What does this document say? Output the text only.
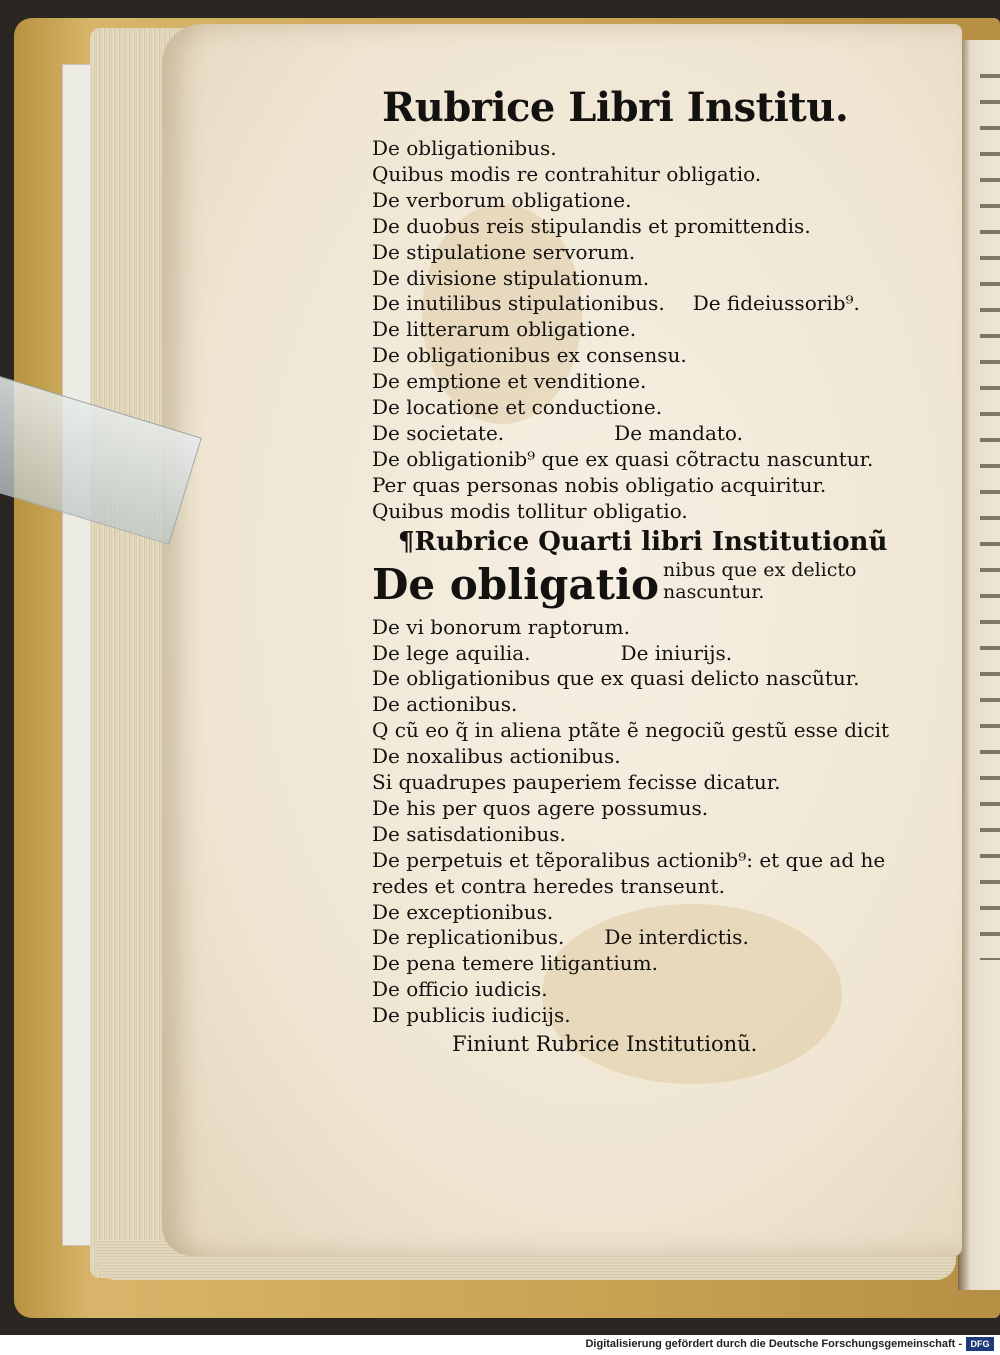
Rubrice Libri Institu.
De obligationibus.
Quibus modis re contrahitur obligatio.
De verborum obligatione.
De duobus reis stipulandis et promittendis.
De stipulatione servorum.
De divisione stipulationum.
De inutilibus stipulationibus. De fideiussorib⁹.
De litterarum obligatione.
De obligationibus ex consensu.
De emptione et venditione.
De locatione et conductione.
De societate.	De mandato.
De obligationib⁹ que ex quasi cõtractu nascuntur.
Per quas personas nobis obligatio acquiritur.
Quibus modis tollitur obligatio.
¶Rubrice Quarti libri Institutionũ
De obligatio nibus que ex delicto
nascuntur.
De vi bonorum raptorum.
De lege aquilia.	De iniurijs.
De obligationibus que ex quasi delicto nascũtur.
De actionibus.
Q cũ eo q̃ in aliena ptãte ẽ negociũ gestũ esse dicit
De noxalibus actionibus.
Si quadrupes pauperiem fecisse dicatur.
De his per quos agere possumus.
De satisdationibus.
De perpetuis et tẽporalibus actionib⁹: et que ad he
redes et contra heredes transeunt.
De exceptionibus.
De replicationibus. De interdictis.
De pena temere litigantium.
De officio iudicis.
De publicis iudicijs.
Finiunt Rubrice Institutionũ.
Digitalisierung gefördert durch die Deutsche Forschungsgemeinschaft - DFG
